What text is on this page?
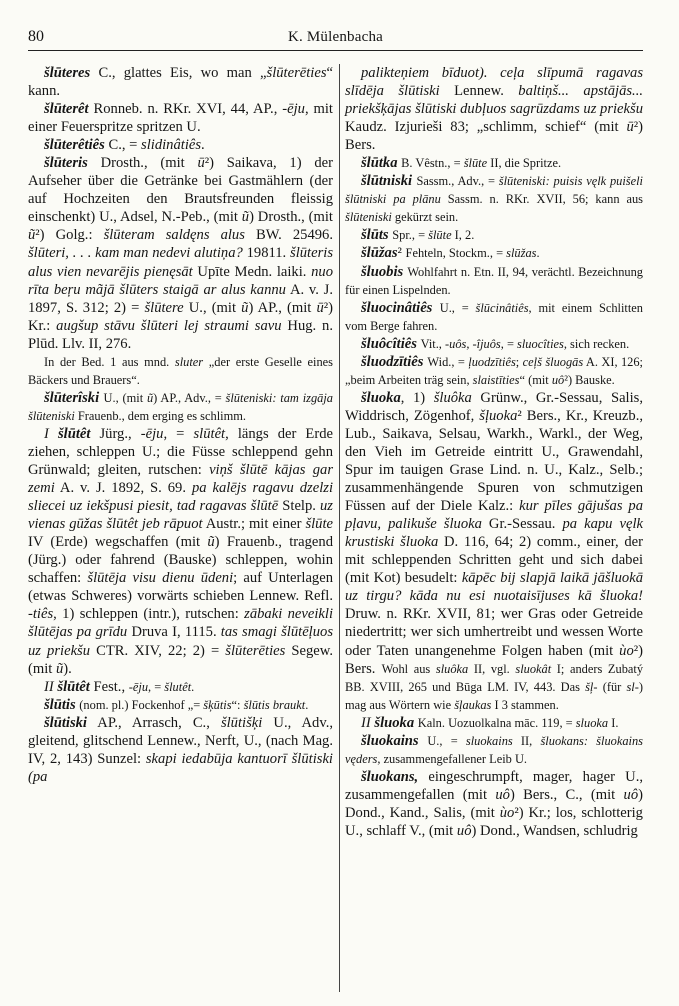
80	K. Mülenbacha

šlūteres C., glattes Eis, wo man „šlūterēties“ kann.

šlūterêt Ronneb. n. RKr. XVI, 44, AP., -ēju, mit einer Feuerspritze spritzen U.

šlūterêtiês C., = slidinâtiês.

šlūteris Drosth., (mit ū²) Saikava, 1) der Aufseher über die Getränke bei Gastmählern (der auf Hochzeiten den Brautsfreunden fleissig einschenkt) U., Adsel, N.-Peb., (mit ũ) Drosth., (mit ũ²) Golg.: šlūteram saldęns alus BW. 25496. šlūteri, . . . kam man nedevi alutiņa? 19811. šlūteris alus vien nevarējis pienęsāt Upīte Medn. laiki. nuo rīta beŗu mãjā šlūters staigā ar alus kannu A. v. J. 1897, S. 312; 2) = šlūtere U., (mit ũ) AP., (mit ū²) Kr.: augšup stāvu šlūteri lej straumi savu Hug. n. Plūd. Llv. II, 276.

In der Bed. 1 aus mnd. sluter „der erste Geselle eines Bäckers und Brauers“.

šlūterîski U., (mit ũ) AP., Adv., = šlūteniski: tam izgāja šlūteniski Frauenb., dem erging es schlimm.

I šlūtêt Jürg., -ēju, = slūtêt, längs der Erde ziehen, schleppen U.; die Füsse schleppend gehn Grünwald; gleiten, rutschen: viņš šlūtē kājas gar zemi A. v. J. 1892, S. 69. pa kalējs ragavu dzelzi sliecei uz iekšpusi piesit, tad ragavas šlūtē Stelp. uz vienas gūžas šlūtêt jeb rāpuot Austr.; mit einer šlūte IV (Erde) wegschaffen (mit ũ) Frauenb., tragend (Jürg.) oder fahrend (Bauske) schleppen, wohin schaffen: šlūtēja visu dienu ūdeni; auf Unterlagen (etwas Schweres) vorwärts schieben Lennew. Refl. -tiês, 1) schleppen (intr.), rutschen: zābaki neveikli šlūtējas pa grīdu Druva I, 1115. tas smagi šlūtēļuos uz priekšu CTR. XIV, 22; 2) = šlūterēties Segew. (mit ũ).

II šlūtêt Fest., -ēju, = šlutêt.

šlūtis (nom. pl.) Fockenhof „= šķūtis“: šlūtis braukt.

šlūtiski AP., Arrasch, C., šlūtišķi U., Adv., gleitend, glitschend Lennew., Nerft, U., (nach Mag. IV, 2, 143) Sunzel: skapi iedabūja kantuorī šlūtiski (pa

palikteņiem bīduot). ceļa slīpumā ragavas slīdēja šlūtiski Lennew. baltiņš... apstājās... priekšķājas šlūtiski dubļuos sagrūzdams uz priekšu Kaudz. Izjurieši 83; „schlimm, schief“ (mit ū²) Bers.

šlūtka B. Vêstn., = šlūte II, die Spritze.

šlūtniski Sassm., Adv., = šlūteniski: puisis vęlk puišeli šlūtniski pa plānu Sassm. n. RKr. XVII, 56; kann aus šlūteniski gekürzt sein.

šlūts Spr., = šlūte I, 2.

šlūžas² Fehteln, Stockm., = slūžas.

šluobis Wohlfahrt n. Etn. II, 94, verächtl. Bezeichnung für einen Lispelnden.

šluocinâtiês U., = šlūcinâtiês, mit einem Schlitten vom Berge fahren.

šluôcîtiês Vit., -uôs, -îjuôs, = sluocîties, sich recken.

šluodzītiês Wid., = ļuodzītiês; ceļš šluogās A. XI, 126; „beim Arbeiten träg sein, slaistīties“ (mit uô²) Bauske.

šluoka, 1) šluôka Grünw., Gr.-Sessau, Salis, Widdrisch, Zögenhof, šļuoka² Bers., Kr., Kreuzb., Lub., Saikava, Selsau, Warkh., Warkl., der Weg, den Vieh im Getreide eintritt U., Grawendahl, Spur im tauigen Grase Lind. n. U., Kalz., Selb.; zusammenhängende Spuren von schmutzigen Füssen auf der Diele Kalz.: kur pīles gājušas pa pļavu, palikuše šluoka Gr.-Sessau. pa kapu vęlk krustiski šluoka D. 116, 64; 2) comm., einer, der mit schleppenden Schritten geht und sich dabei (mit Kot) besudelt: kāpēc bij slapjā laikā jāšluokā uz tirgu? kāda nu esi nuotaisījuses kā šluoka! Druw. n. RKr. XVII, 81; wer Gras oder Getreide niedertritt; wer sich umhertreibt und wessen Worte oder Taten unangenehme Folgen haben (mit ùo²) Bers. Wohl aus sluôka II, vgl. sluokât I; anders Zubatý BB. XVIII, 265 und Būga LM. IV, 443. Das šļ- (für sl-) mag aus Wörtern wie šļaukas I 3 stammen.

II šluoka Kaln. Uozuolkalna māc. 119, = sluoka I.

šluokains U., = sluokains II, šluokans: šluokains vęders, zusammengefallener Leib U.

šluokans, eingeschrumpft, mager, hager U., zusammengefallen (mit uô) Bers., C., (mit uô) Dond., Kand., Salis, (mit ùo²) Kr.; los, schlotterig U., schlaff V., (mit uô) Dond., Wandsen, schludrig
